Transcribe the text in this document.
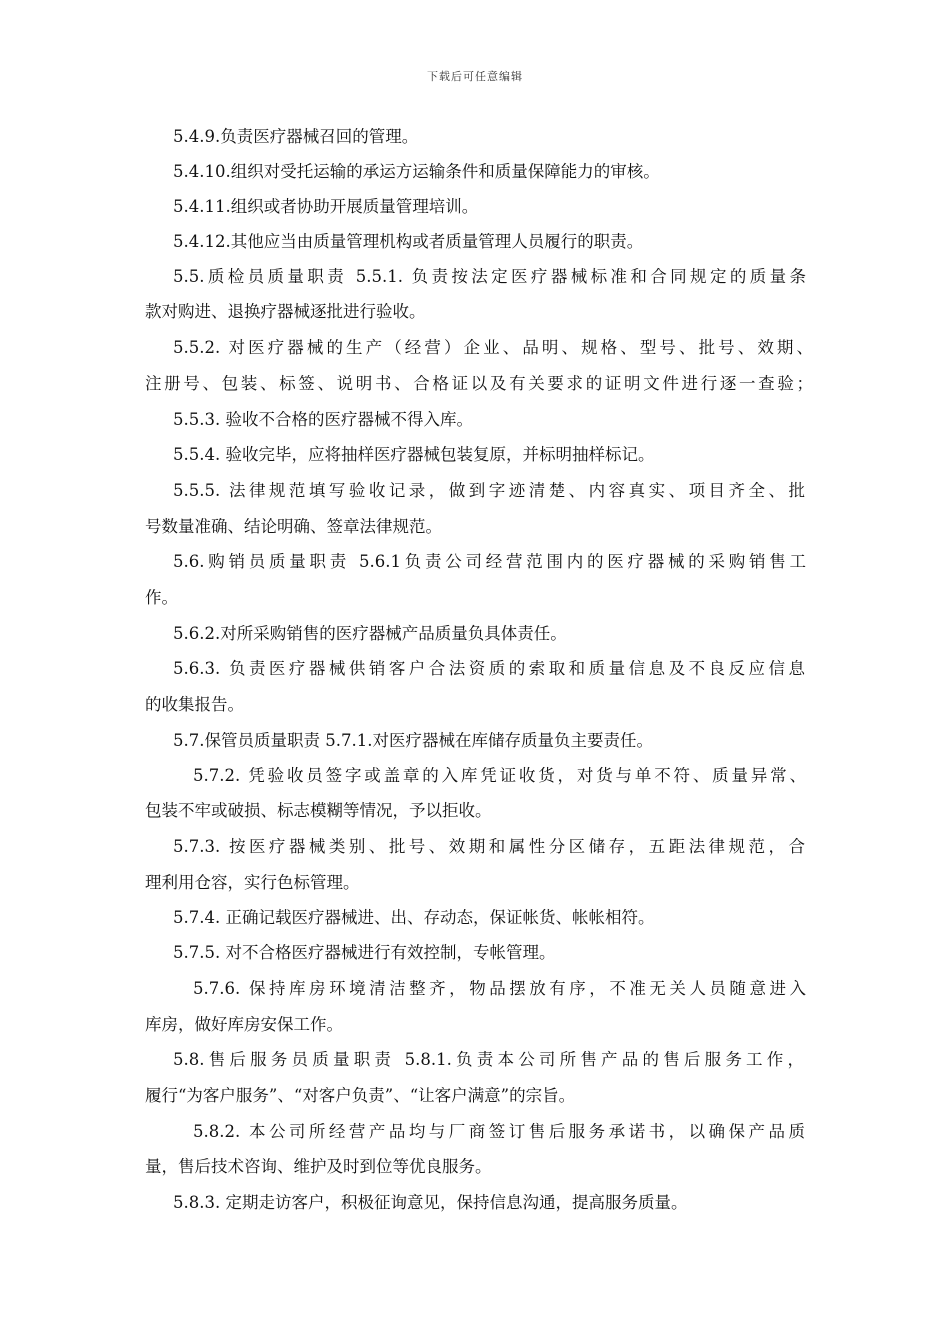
下载后可任意编辑
5.4.9.负责医疗器械召回的管理。
5.4.10.组织对受托运输的承运方运输条件和质量保障能力的审核。
5.4.11.组织或者协助开展质量管理培训。
5.4.12.其他应当由质量管理机构或者质量管理人员履行的职责。
5.5.质检员质量职责 5.5.1. 负责按法定医疗器械标准和合同规定的质量条
款对购进、退换疗器械逐批进行验收。
5.5.2. 对医疗器械的生产（经营）企业、品明、规格、型号、批号、效期、
注册号、包装、标签、说明书、合格证以及有关要求的证明文件进行逐一查验；
5.5.3. 验收不合格的医疗器械不得入库。
5.5.4. 验收完毕，应将抽样医疗器械包装复原，并标明抽样标记。
5.5.5. 法律规范填写验收记录，做到字迹清楚、内容真实、项目齐全、批
号数量准确、结论明确、签章法律规范。
5.6.购销员质量职责 5.6.1负责公司经营范围内的医疗器械的采购销售工
作。
5.6.2.对所采购销售的医疗器械产品质量负具体责任。
5.6.3. 负责医疗器械供销客户合法资质的索取和质量信息及不良反应信息
的收集报告。
5.7.保管员质量职责 5.7.1.对医疗器械在库储存质量负主要责任。
5.7.2. 凭验收员签字或盖章的入库凭证收货，对货与单不符、质量异常、
包装不牢或破损、标志模糊等情况，予以拒收。
5.7.3. 按医疗器械类别、批号、效期和属性分区储存，五距法律规范，合
理利用仓容，实行色标管理。
5.7.4. 正确记载医疗器械进、出、存动态，保证帐货、帐帐相符。
5.7.5. 对不合格医疗器械进行有效控制，专帐管理。
5.7.6. 保持库房环境清洁整齐，物品摆放有序，不准无关人员随意进入
库房，做好库房安保工作。
5.8.售后服务员质量职责 5.8.1.负责本公司所售产品的售后服务工作，
履行“为客户服务”、“对客户负责”、“让客户满意”的宗旨。
5.8.2. 本公司所经营产品均与厂商签订售后服务承诺书，以确保产品质
量，售后技术咨询、维护及时到位等优良服务。
5.8.3. 定期走访客户，积极征询意见，保持信息沟通，提高服务质量。
